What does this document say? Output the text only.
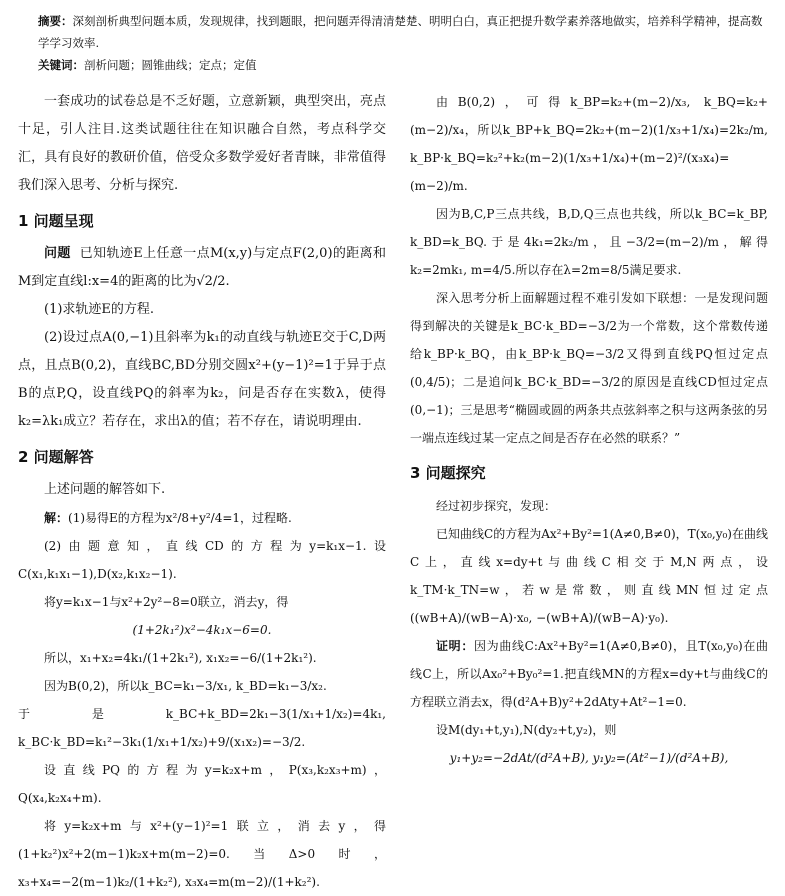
摘要：深刻剖析典型问题本质，发现规律，找到题眼，把问题弄得清清楚楚、明明白白，真正把提升数学素养落地做实，培养科学精神，提高数学学习效率.
关键词：剖析问题；圆锥曲线；定点；定值

一套成功的试卷总是不乏好题，立意新颖，典型突出，亮点十足，引人注目.这类试题往往在知识融合自然，考点科学交汇，具有良好的教研价值，倍受众多数学爱好者青睐，非常值得我们深入思考、分析与探究.

1 问题呈现

问题 已知轨迹E上任意一点M(x,y)与定点F(2,0)的距离和M到定直线l:x=4的距离的比为√2/2.

(1)求轨迹E的方程.

(2)设过点A(0,−1)且斜率为k₁的动直线与轨迹E交于C,D两点，且点B(0,2)，直线BC,BD分别交圆x²+(y−1)²=1于异于点B的点P,Q，设直线PQ的斜率为k₂，问是否存在实数λ，使得k₂=λk₁成立？若存在，求出λ的值；若不存在，请说明理由.

2 问题解答

上述问题的解答如下.

解：(1)易得E的方程为x²/8+y²/4=1，过程略.

(2)由题意知，直线CD的方程为y=k₁x−1.设C(x₁,k₁x₁−1),D(x₂,k₁x₂−1).

将y=k₁x−1与x²+2y²−8=0联立，消去y，得

(1+2k₁²)x²−4k₁x−6=0.

所以，x₁+x₂=4k₁/(1+2k₁²), x₁x₂=−6/(1+2k₁²).

因为B(0,2)，所以k_BC=k₁−3/x₁, k_BD=k₁−3/x₂.

于是k_BC+k_BD=2k₁−3(1/x₁+1/x₂)=4k₁, k_BC·k_BD=k₁²−3k₁(1/x₁+1/x₂)+9/(x₁x₂)=−3/2.

设直线PQ的方程为y=k₂x+m，P(x₃,k₂x₃+m)，Q(x₄,k₂x₄+m).

将y=k₂x+m与x²+(y−1)²=1联立，消去y，得(1+k₂²)x²+2(m−1)k₂x+m(m−2)=0.当Δ>0时，x₃+x₄=−2(m−1)k₂/(1+k₂²), x₃x₄=m(m−2)/(1+k₂²).

由B(0,2)，可得k_BP=k₂+(m−2)/x₃, k_BQ=k₂+(m−2)/x₄，所以k_BP+k_BQ=2k₂+(m−2)(1/x₃+1/x₄)=2k₂/m, k_BP·k_BQ=k₂²+k₂(m−2)(1/x₃+1/x₄)+(m−2)²/(x₃x₄)=(m−2)/m.

因为B,C,P三点共线，B,D,Q三点也共线，所以k_BC=k_BP, k_BD=k_BQ.于是4k₁=2k₂/m，且−3/2=(m−2)/m，解得k₂=2mk₁, m=4/5.所以存在λ=2m=8/5满足要求.

深入思考分析上面解题过程不难引发如下联想：一是发现问题得到解决的关键是k_BC·k_BD=−3/2为一个常数，这个常数传递给k_BP·k_BQ，由k_BP·k_BQ=−3/2又得到直线PQ恒过定点(0,4/5)；二是追问k_BC·k_BD=−3/2的原因是直线CD恒过定点(0,−1)；三是思考“椭圆或圆的两条共点弦斜率之积与这两条弦的另一端点连线过某一定点之间是否存在必然的联系？”

3 问题探究

经过初步探究，发现：

已知曲线C的方程为Ax²+By²=1(A≠0,B≠0)，T(x₀,y₀)在曲线C上，直线x=dy+t与曲线C相交于M,N两点，设k_TM·k_TN=w，若w是常数，则直线MN恒过定点((wB+A)/(wB−A)·x₀, −(wB+A)/(wB−A)·y₀).

证明：因为曲线C:Ax²+By²=1(A≠0,B≠0)，且T(x₀,y₀)在曲线C上，所以Ax₀²+By₀²=1.把直线MN的方程x=dy+t与曲线C的方程联立消去x，得(d²A+B)y²+2dAty+At²−1=0.

设M(dy₁+t,y₁),N(dy₂+t,y₂)，则

y₁+y₂=−2dAt/(d²A+B), y₁y₂=(At²−1)/(d²A+B),
